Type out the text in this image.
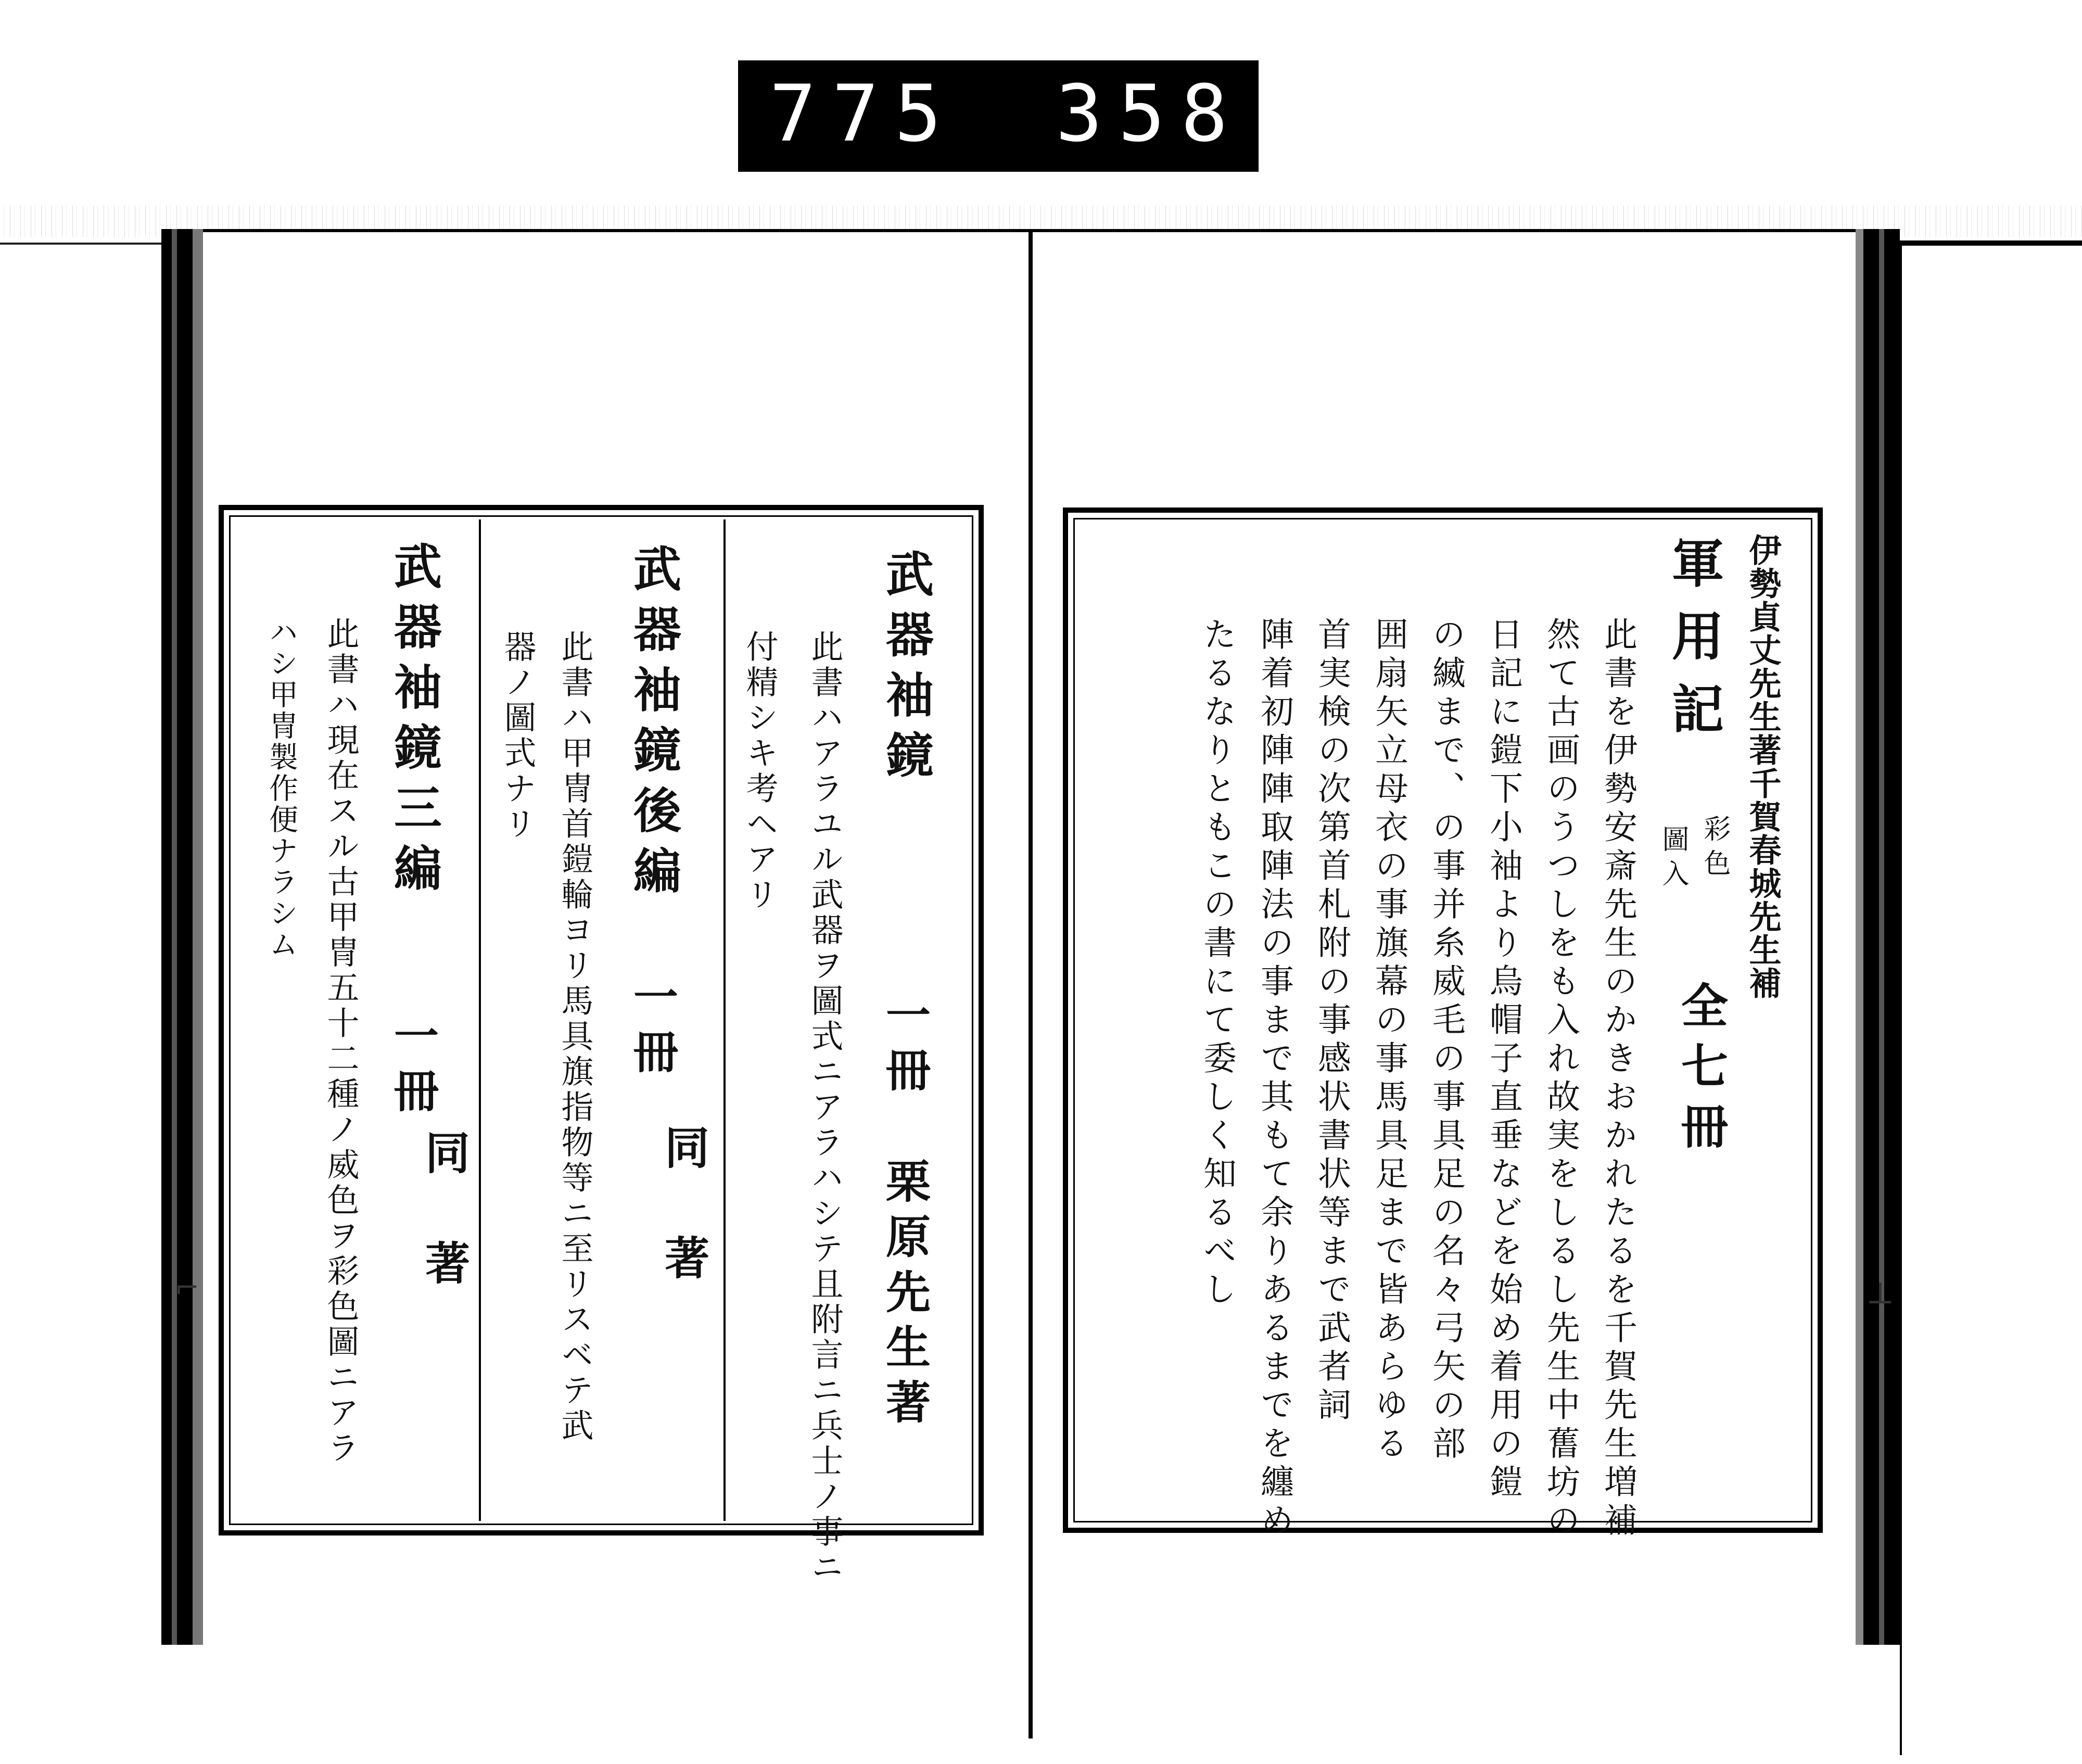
775 358.
⌐	⊥
武器袖鏡
一冊
栗原先生著
此書ハアラユル武器ヲ圖式ニアラハシテ且附言ニ兵士ノ事ニ
付精シキ考ヘアリ
武器袖鏡後編
一冊
同　著
此書ハ甲冑首鎧輪ヨリ馬具旗指物等ニ至リスベテ武
器ノ圖式ナリ
武器袖鏡三編
一冊
同　著
此書ハ現在スル古甲冑五十二種ノ威色ヲ彩色圖ニアラ
ハシ甲冑製作便ナラシム	伊勢貞丈先生著千賀春城先生補
軍用記
彩色
圖入
全七冊
此書を伊勢安斎先生のかきおかれたるを千賀先生増補
然て古画のうつしをも入れ故実をしるし先生中𦾔坊の
日記に鎧下小袖より烏帽子直垂などを始め着用の鎧
の縅まで、の事并糸威毛の事具足の名々弓矢の部
囲扇矢立母衣の事旗幕の事馬具足まで皆あらゆる
首実検の次第首札附の事感状書状等まで武者詞
陣着初陣陣取陣法の事まで其もて余りあるまでを纏め
たるなりともこの書にて委しく知るべし
